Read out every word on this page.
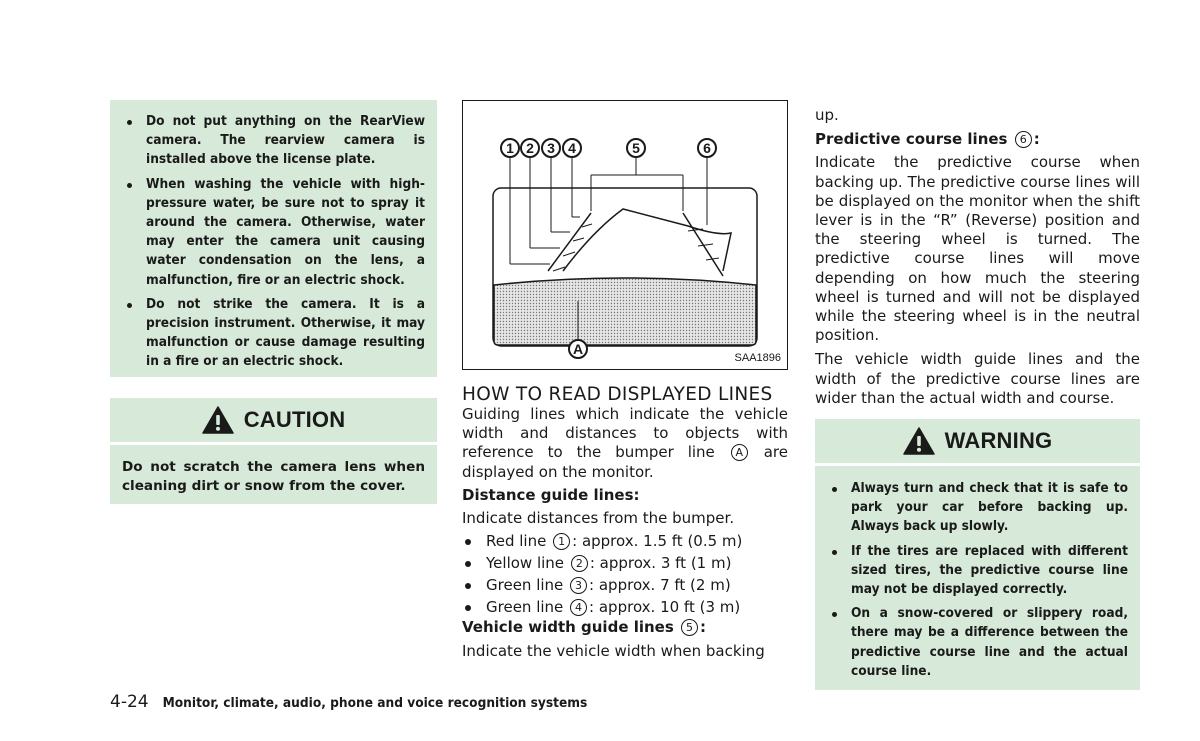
Do not put anything on the RearView camera. The rearview camera is installed above the license plate.
When washing the vehicle with high-pressure water, be sure not to spray it around the camera. Otherwise, water may enter the camera unit causing water condensation on the lens, a malfunction, fire or an electric shock.
Do not strike the camera. It is a precision instrument. Otherwise, it may malfunction or cause damage resulting in a fire or an electric shock.
CAUTION
Do not scratch the camera lens when cleaning dirt or snow from the cover.
1 2 3 4	5	6
A
SAA1896
HOW TO READ DISPLAYED LINES

Guiding lines which indicate the vehicle width and distances to objects with reference to the bumper line A are displayed on the monitor.

Distance guide lines:

Indicate distances from the bumper.

Red line 1 : approx. 1.5 ft (0.5 m)
Yellow line 2 : approx. 3 ft (1 m)
Green line 3 : approx. 7 ft (2 m)
Green line 4 : approx. 10 ft (3 m)

Vehicle width guide lines 5 :

Indicate the vehicle width when backing

up.

Predictive course lines 6 :

Indicate the predictive course when backing up. The predictive course lines will be displayed on the monitor when the shift lever is in the “R” (Reverse) position and the steering wheel is turned. The predictive course lines will move depending on how much the steering wheel is turned and will not be displayed while the steering wheel is in the neutral position.

The vehicle width guide lines and the width of the predictive course lines are wider than the actual width and course.

WARNING
Always turn and check that it is safe to park your car before backing up. Always back up slowly.
If the tires are replaced with different sized tires, the predictive course line may not be displayed correctly.
On a snow-covered or slippery road, there may be a difference between the predictive course line and the actual course line.
4-24 Monitor, climate, audio, phone and voice recognition systems
